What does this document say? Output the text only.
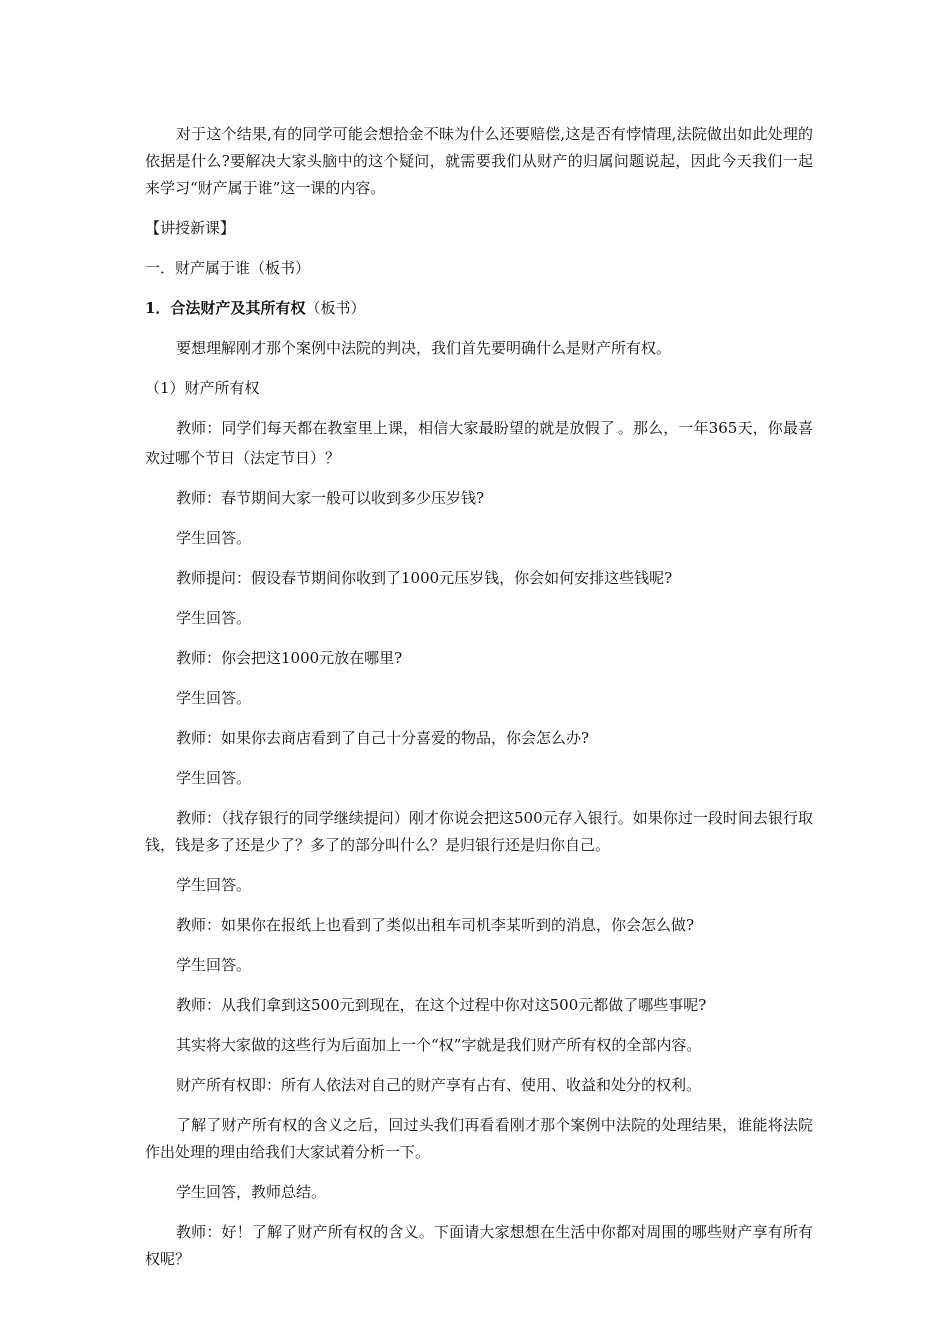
对于这个结果,有的同学可能会想拾金不昧为什么还要赔偿,这是否有悖情理,法院做出如此处理的依据是什么?要解决大家头脑中的这个疑问，就需要我们从财产的归属问题说起，因此今天我们一起来学习“财产属于谁”这一课的内容。

【讲授新课】

一．财产属于谁（板书）

1．合法财产及其所有权（板书）

要想理解刚才那个案例中法院的判决，我们首先要明确什么是财产所有权。

（1）财产所有权

教师：同学们每天都在教室里上课，相信大家最盼望的就是放假了.。那么，一年365天，你最喜欢过哪个节日（法定节日）？

教师：春节期间大家一般可以收到多少压岁钱?

学生回答。

教师提问：假设春节期间你收到了1000元压岁钱，你会如何安排这些钱呢?

学生回答。

教师：你会把这1000元放在哪里?

学生回答。

教师：如果你去商店看到了自己十分喜爱的物品，你会怎么办?

学生回答。

教师：（找存银行的同学继续提问）刚才你说会把这500元存入银行。如果你过一段时间去银行取钱，钱是多了还是少了？多了的部分叫什么？是归银行还是归你自己。

学生回答。

教师：如果你在报纸上也看到了类似出租车司机李某听到的消息，你会怎么做?

学生回答。

教师：从我们拿到这500元到现在，在这个过程中你对这500元都做了哪些事呢?

其实将大家做的这些行为后面加上一个“权”字就是我们财产所有权的全部内容。

财产所有权即：所有人依法对自己的财产享有占有、使用、收益和处分的权利。

了解了财产所有权的含义之后，回过头我们再看看刚才那个案例中法院的处理结果，谁能将法院作出处理的理由给我们大家试着分析一下。

学生回答，教师总结。

教师：好！了解了财产所有权的含义。下面请大家想想在生活中你都对周围的哪些财产享有所有权呢？
